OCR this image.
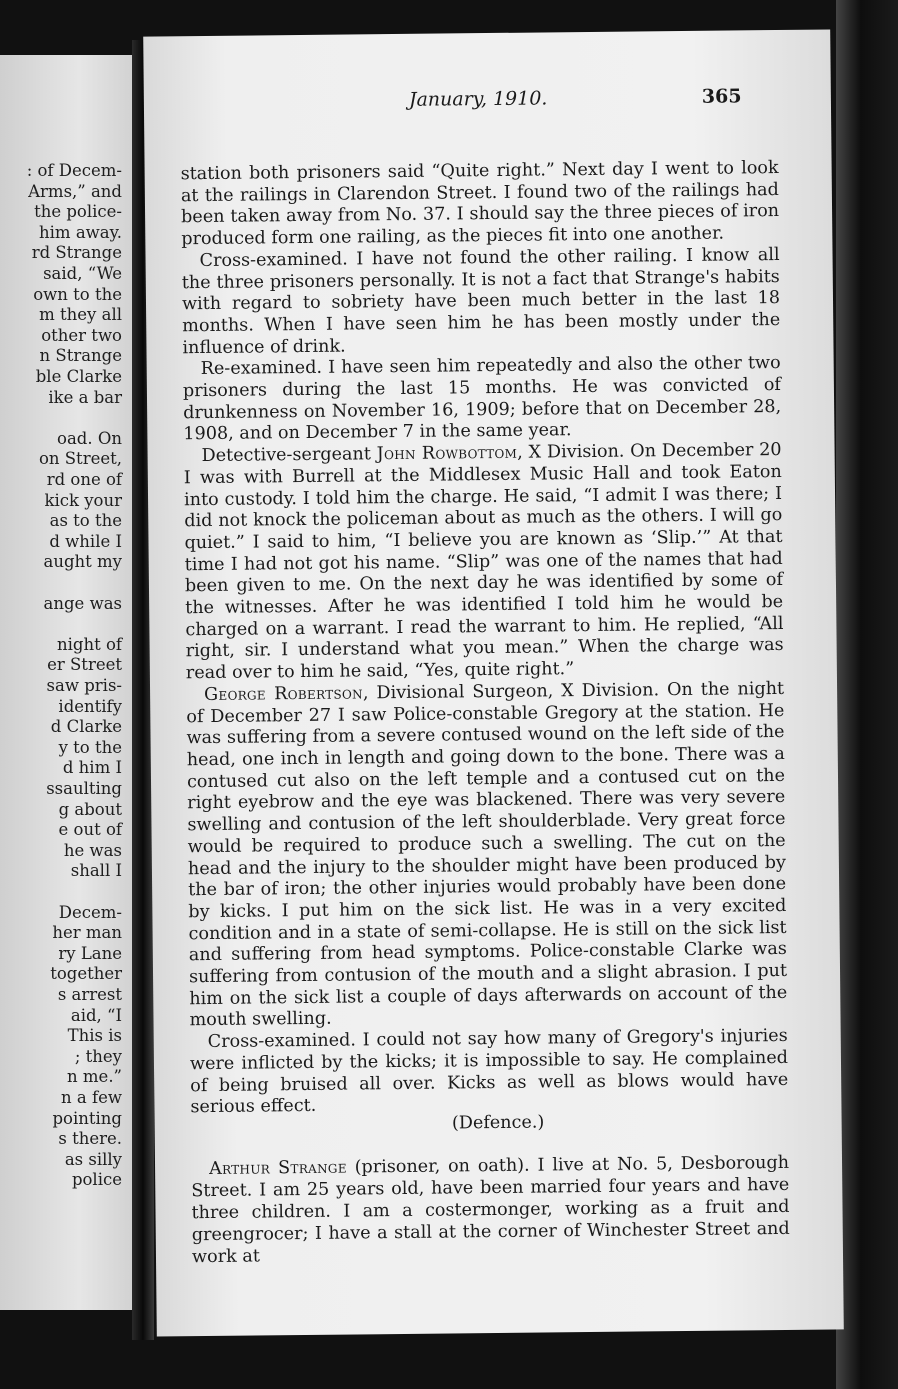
: of Decem-
Arms,” and
the police-
him away.
rd Strange
said, “We
own to the
m they all
other two
n Strange
ble Clarke
ike a bar
oad. On
on Street,
rd one of
kick your
as to the
d while I
aught my
ange was
night of
er Street
saw pris-
identify
d Clarke
y to the
d him I
ssaulting
g about
e out of
he was
shall I
Decem-
her man
ry Lane
together
s arrest
aid, “I
This is
; they
n me.”
n a few
pointing
s there.
as silly
police
January, 1910.	365

station both prisoners said “Quite right.” Next day I went to look at the railings in Clarendon Street. I found two of the railings had been taken away from No. 37. I should say the three pieces of iron produced form one railing, as the pieces fit into one another.

Cross-examined. I have not found the other railing. I know all the three prisoners personally. It is not a fact that Strange's habits with regard to sobriety have been much better in the last 18 months. When I have seen him he has been mostly under the influence of drink.

Re-examined. I have seen him repeatedly and also the other two prisoners during the last 15 months. He was convicted of drunkenness on November 16, 1909; before that on December 28, 1908, and on December 7 in the same year.

Detective-sergeant John Rowbottom, X Division. On December 20 I was with Burrell at the Middlesex Music Hall and took Eaton into custody. I told him the charge. He said, “I admit I was there; I did not knock the policeman about as much as the others. I will go quiet.” I said to him, “I believe you are known as ‘Slip.’” At that time I had not got his name. “Slip” was one of the names that had been given to me. On the next day he was identified by some of the witnesses. After he was identified I told him he would be charged on a warrant. I read the warrant to him. He replied, “All right, sir. I understand what you mean.” When the charge was read over to him he said, “Yes, quite right.”

George Robertson, Divisional Surgeon, X Division. On the night of December 27 I saw Police-constable Gregory at the station. He was suffering from a severe contused wound on the left side of the head, one inch in length and going down to the bone. There was a contused cut also on the left temple and a contused cut on the right eyebrow and the eye was blackened. There was very severe swelling and contusion of the left shoulderblade. Very great force would be required to produce such a swelling. The cut on the head and the injury to the shoulder might have been produced by the bar of iron; the other injuries would probably have been done by kicks. I put him on the sick list. He was in a very excited condition and in a state of semi-collapse. He is still on the sick list and suffering from head symptoms. Police-constable Clarke was suffering from contusion of the mouth and a slight abrasion. I put him on the sick list a couple of days afterwards on account of the mouth swelling.

Cross-examined. I could not say how many of Gregory's injuries were inflicted by the kicks; it is impossible to say. He complained of being bruised all over. Kicks as well as blows would have serious effect.

(Defence.)

Arthur Strange (prisoner, on oath). I live at No. 5, Desborough Street. I am 25 years old, have been married four years and have three children. I am a costermonger, working as a fruit and greengrocer; I have a stall at the corner of Winchester Street and work at
